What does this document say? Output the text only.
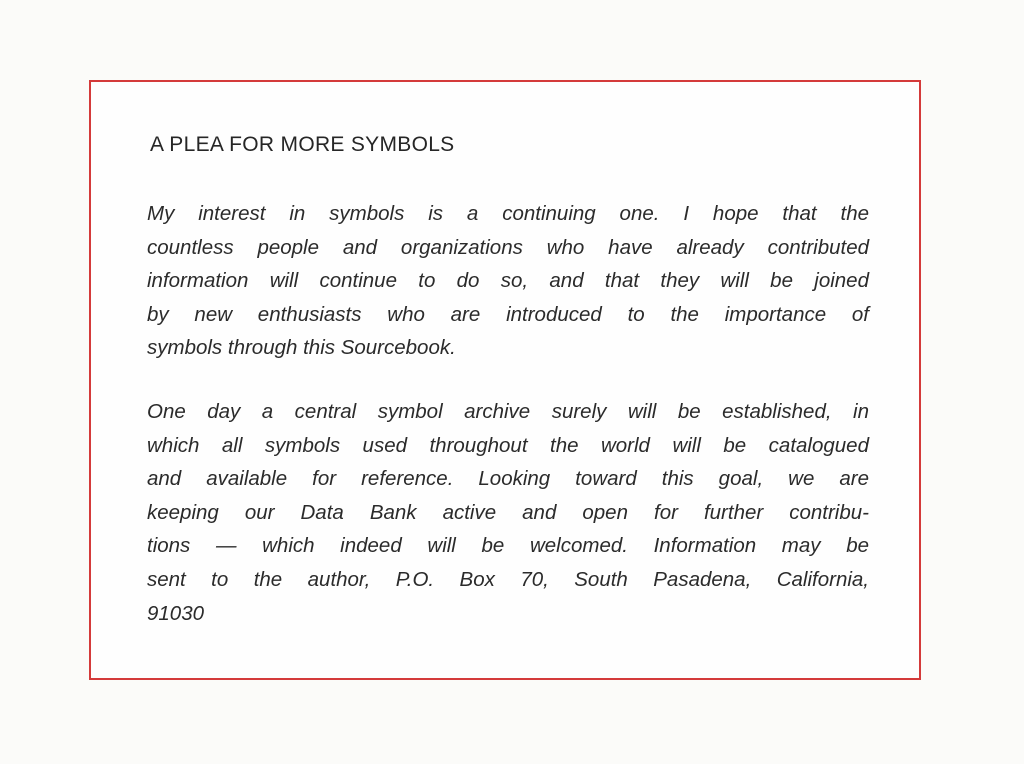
A PLEA FOR MORE SYMBOLS
My interest in symbols is a continuing one. I hope that the
countless people and organizations who have already contributed
information will continue to do so, and that they will be joined
by new enthusiasts who are introduced to the importance of
symbols through this Sourcebook.
One day a central symbol archive surely will be established, in
which all symbols used throughout the world will be catalogued
and available for reference. Looking toward this goal, we are
keeping our Data Bank active and open for further contribu-
tions — which indeed will be welcomed. Information may be
sent to the author, P.O. Box 70, South Pasadena, California,
91030
